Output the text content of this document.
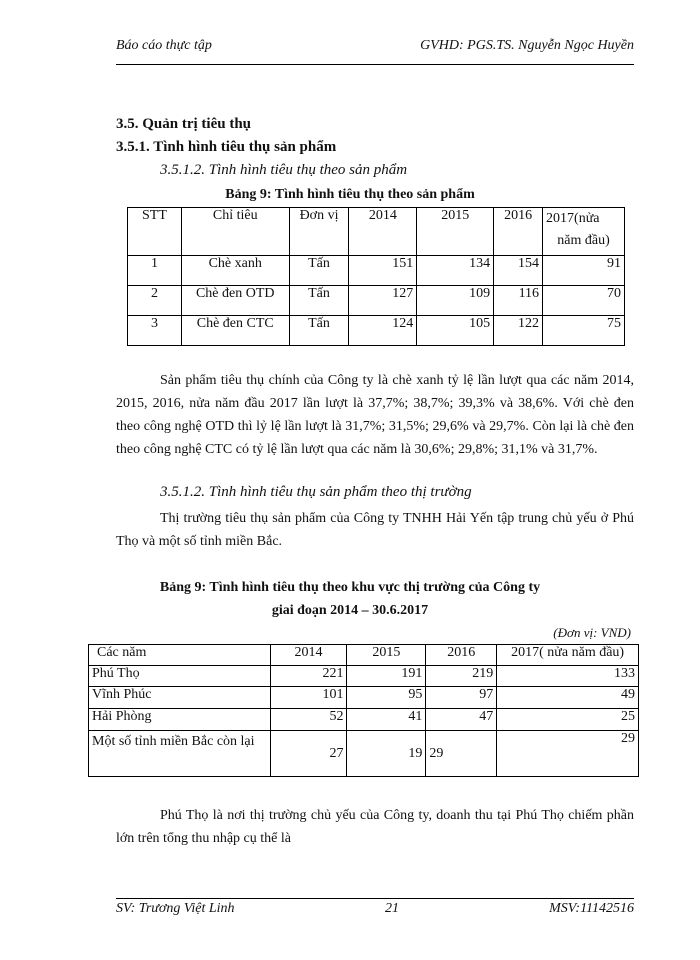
Báo cáo thực tập	GVHD: PGS.TS. Nguyễn Ngọc Huyền
3.5. Quản trị tiêu thụ
3.5.1. Tình hình tiêu thụ sản phẩm
3.5.1.2. Tình hình tiêu thụ theo sản phẩm
Bảng 9: Tình hình tiêu thụ theo sản phẩm
STT	Chỉ tiêu	Đơn vị	2014	2015	2016	2017(nửa
năm đầu)

1	Chè xanh	Tấn	151	134	154	91
2	Chè đen OTD	Tấn	127	109	116	70
3	Chè đen CTC	Tấn	124	105	122	75

Sản phẩm tiêu thụ chính của Công ty là chè xanh tỷ lệ lần lượt qua các năm 2014, 2015, 2016, nửa năm đầu 2017 lần lượt là 37,7%; 38,7%; 39,3% và 38,6%. Với chè đen theo công nghệ OTD thì lỷ lệ lần lượt là 31,7%; 31,5%; 29,6% và 29,7%. Còn lại là chè đen theo công nghệ CTC có tỷ lệ lần lượt qua các năm là 30,6%; 29,8%; 31,1% và 31,7%.

3.5.1.2. Tình hình tiêu thụ sản phẩm theo thị trường

Thị trường tiêu thụ sản phẩm của Công ty TNHH Hải Yến tập trung chủ yếu ở Phú Thọ và một số tỉnh miền Bắc.

Bảng 9: Tình hình tiêu thụ theo khu vực thị trường của Công ty
giai đoạn 2014 – 30.6.2017
(Đơn vị: VND)
Các năm	2014	2015	2016	2017( nửa năm đầu)
Phú Thọ	221	191	219	133
Vĩnh Phúc	101	95	97	49
Hải Phòng	52	41	47	25
Một số tỉnh miền Bắc còn lại	27	19	29	29

Phú Thọ là nơi thị trường chủ yếu của Công ty, doanh thu tại Phú Thọ chiếm phần lớn trên tổng thu nhập cụ thể là

SV: Trương Việt Linh	21	MSV:11142516
